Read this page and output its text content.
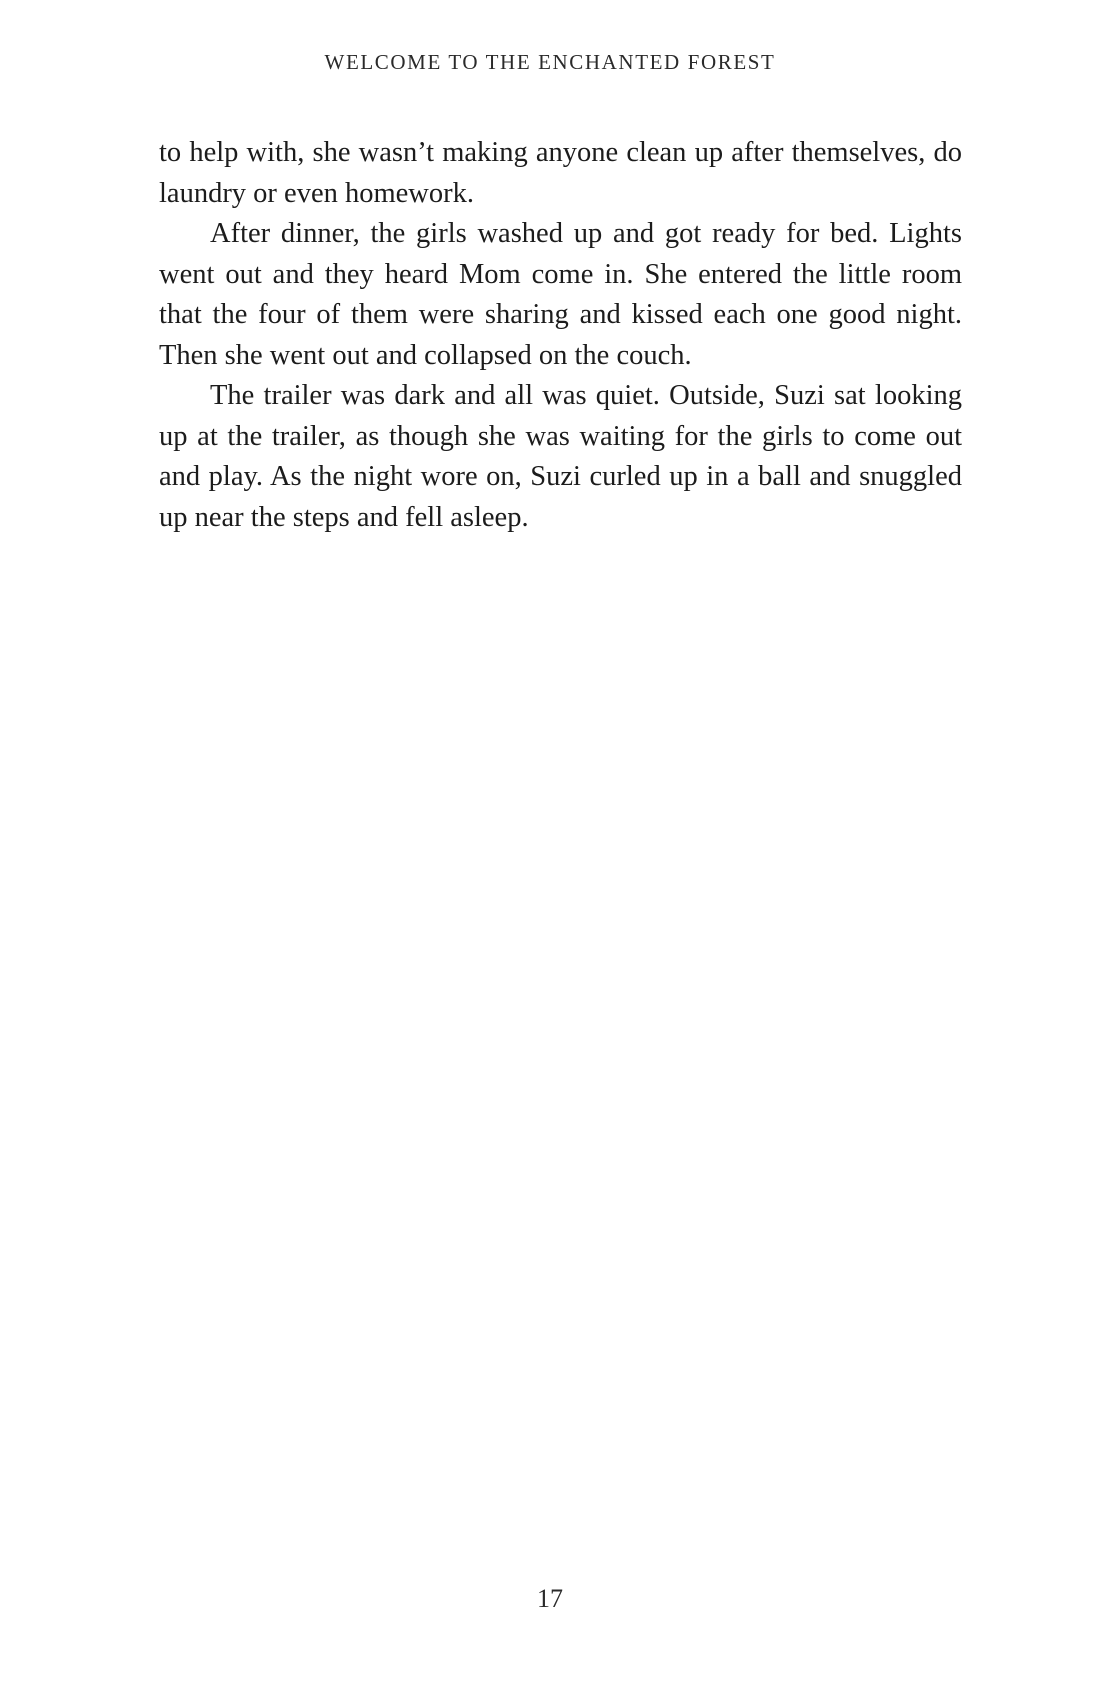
WELCOME TO THE ENCHANTED FOREST

to help with, she wasn’t making anyone clean up after themselves, do laundry or even homework.

After dinner, the girls washed up and got ready for bed. Lights went out and they heard Mom come in. She entered the little room that the four of them were sharing and kissed each one good night. Then she went out and collapsed on the couch.

The trailer was dark and all was quiet. Outside, Suzi sat looking up at the trailer, as though she was waiting for the girls to come out and play. As the night wore on, Suzi curled up in a ball and snuggled up near the steps and fell asleep.

17
